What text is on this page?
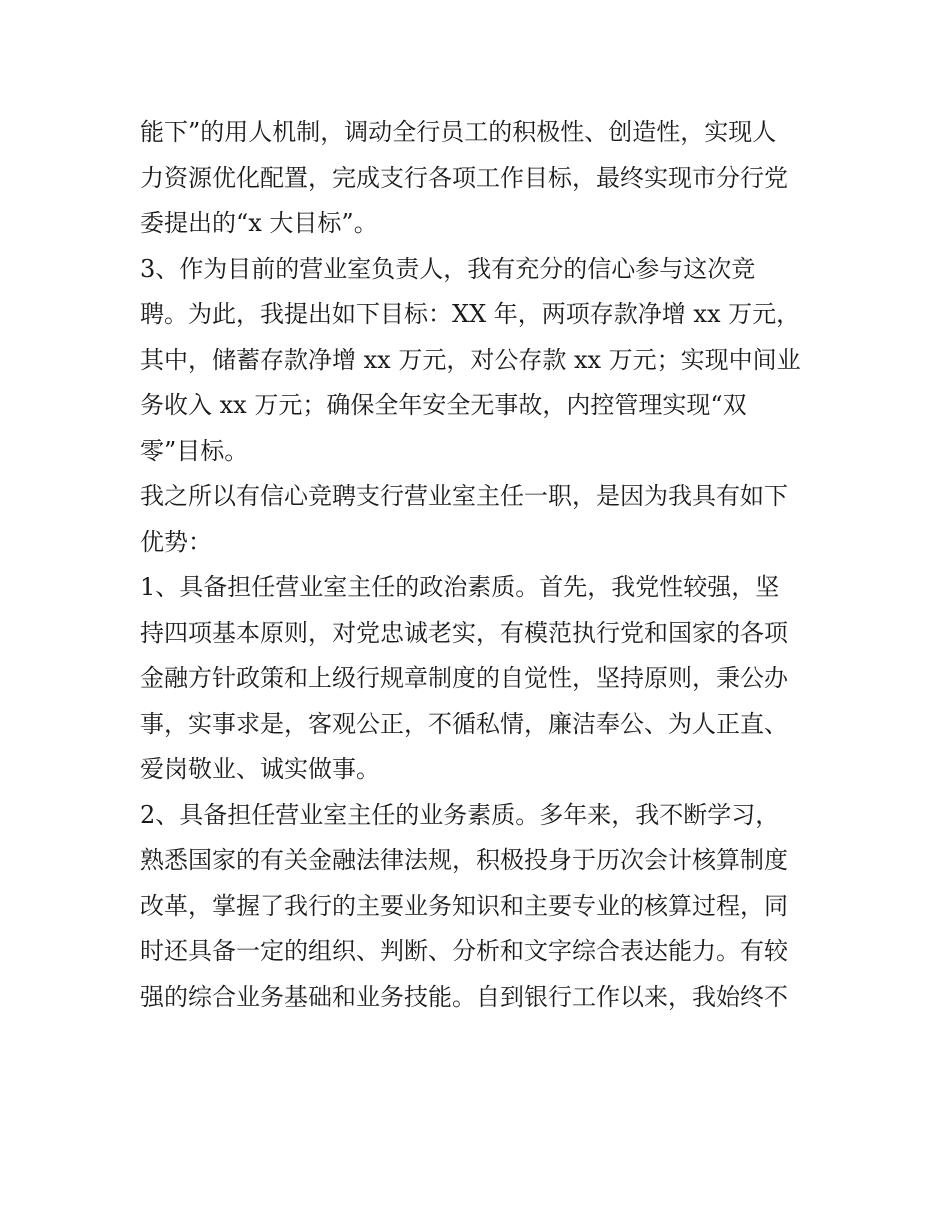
能下”的用人机制，调动全行员工的积极性、创造性，实现人
力资源优化配置，完成支行各项工作目标，最终实现市分行党
委提出的“x 大目标”。
3、作为目前的营业室负责人，我有充分的信心参与这次竞
聘。为此，我提出如下目标：XX 年，两项存款净增 xx 万元，
其中，储蓄存款净增 xx 万元，对公存款 xx 万元；实现中间业
务收入 xx 万元；确保全年安全无事故，内控管理实现“双
零”目标。
我之所以有信心竞聘支行营业室主任一职，是因为我具有如下
优势：
1、具备担任营业室主任的政治素质。首先，我党性较强，坚
持四项基本原则，对党忠诚老实，有模范执行党和国家的各项
金融方针政策和上级行规章制度的自觉性，坚持原则，秉公办
事，实事求是，客观公正，不循私情，廉洁奉公、为人正直、
爱岗敬业、诚实做事。
2、具备担任营业室主任的业务素质。多年来，我不断学习，
熟悉国家的有关金融法律法规，积极投身于历次会计核算制度
改革，掌握了我行的主要业务知识和主要专业的核算过程，同
时还具备一定的组织、判断、分析和文字综合表达能力。有较
强的综合业务基础和业务技能。自到银行工作以来，我始终不
